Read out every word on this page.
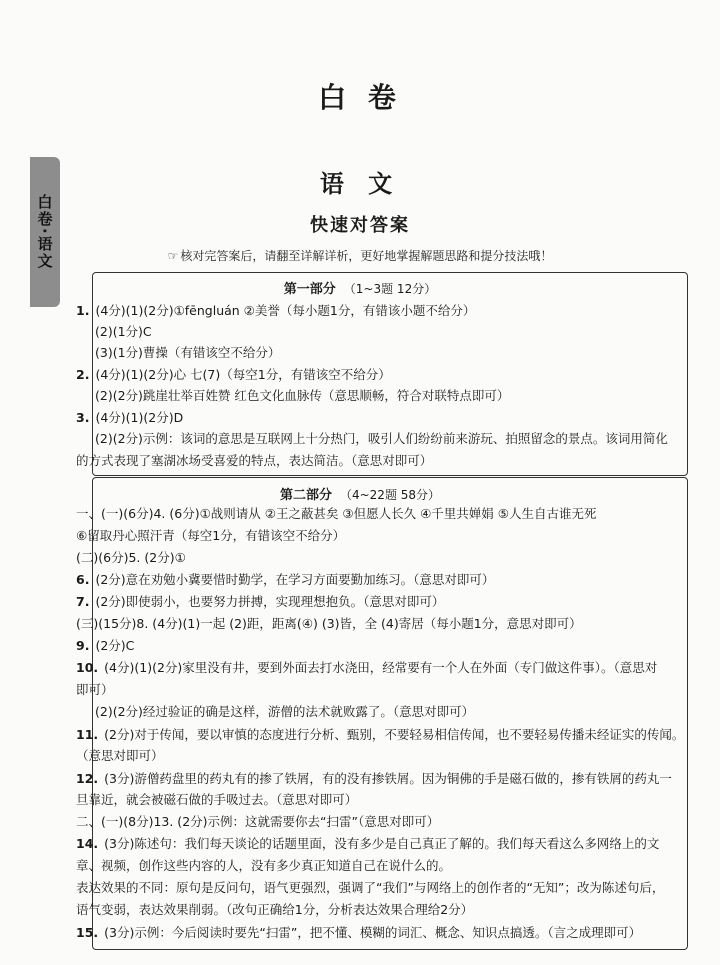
白卷·语文
白 卷
语 文
快速对答案
☞ 核对完答案后，请翻至详解详析，更好地掌握解题思路和提分技法哦！
第一部分 （1~3题 12分）
1. (4分)(1)(2分)①fēngluán ②美誉（每小题1分，有错该小题不给分）
(2)(1分)C
(3)(1分)曹操（有错该空不给分）
2. (4分)(1)(2分)心 七(7)（每空1分，有错该空不给分）
(2)(2分)跳崖壮举百姓赞 红色文化血脉传（意思顺畅，符合对联特点即可）
3. (4分)(1)(2分)D
(2)(2分)示例：该词的意思是互联网上十分热门，吸引人们纷纷前来游玩、拍照留念的景点。该词用简化
的方式表现了塞湖冰场受喜爱的特点，表达简洁。（意思对即可）
第二部分 （4~22题 58分）
一、(一)(6分)4. (6分)①战则请从 ②王之蔽甚矣 ③但愿人长久 ④千里共婵娟 ⑤人生自古谁无死
⑥留取丹心照汗青（每空1分，有错该空不给分）
(二)(6分)5. (2分)①
6. (2分)意在劝勉小冀要惜时勤学，在学习方面要勤加练习。（意思对即可）
7. (2分)即使弱小，也要努力拼搏，实现理想抱负。（意思对即可）
(三)(15分)8. (4分)(1)一起 (2)距，距离(④) (3)皆，全 (4)寄居（每小题1分，意思对即可）
9. (2分)C
10. (4分)(1)(2分)家里没有井，要到外面去打水浇田，经常要有一个人在外面（专门做这件事）。（意思对
即可）
(2)(2分)经过验证的确是这样，游僧的法术就败露了。（意思对即可）
11. (2分)对于传闻，要以审慎的态度进行分析、甄别，不要轻易相信传闻，也不要轻易传播未经证实的传闻。
（意思对即可）
12. (3分)游僧药盘里的药丸有的掺了铁屑，有的没有掺铁屑。因为铜佛的手是磁石做的，掺有铁屑的药丸一
旦靠近，就会被磁石做的手吸过去。（意思对即可）
二、(一)(8分)13. (2分)示例：这就需要你去“扫雷”（意思对即可）
14. (3分)陈述句：我们每天谈论的话题里面，没有多少是自己真正了解的。我们每天看这么多网络上的文
章、视频，创作这些内容的人，没有多少真正知道自己在说什么的。
表达效果的不同：原句是反问句，语气更强烈，强调了“我们”与网络上的创作者的“无知”；改为陈述句后，
语气变弱，表达效果削弱。（改句正确给1分，分析表达效果合理给2分）
15. (3分)示例：今后阅读时要先“扫雷”，把不懂、模糊的词汇、概念、知识点搞透。（言之成理即可）
